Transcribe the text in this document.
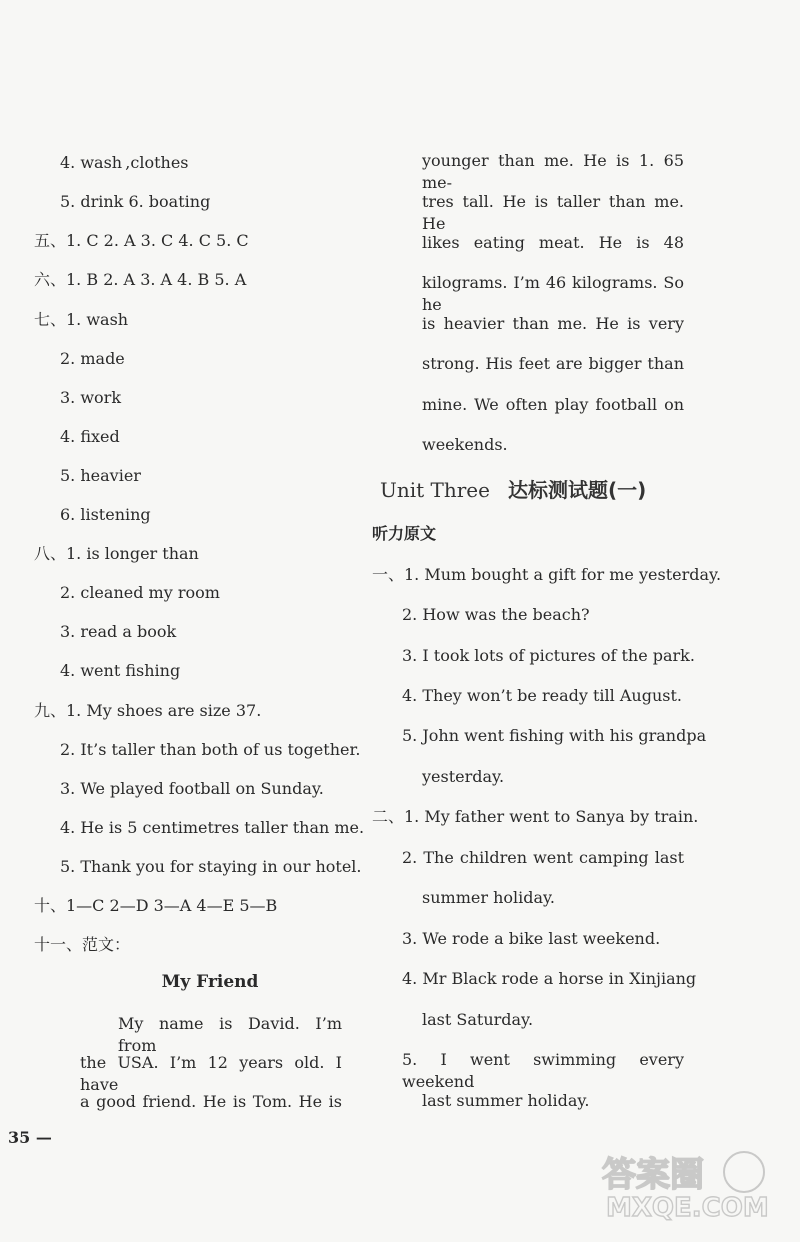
4. wash ,clothes
5. drink 6. boating
五、1. C 2. A 3. C 4. C 5. C
六、1. B 2. A 3. A 4. B 5. A
七、1. wash
2. made
3. work
4. fixed
5. heavier
6. listening
八、1. is longer than
2. cleaned my room
3. read a book
4. went fishing
九、1. My shoes are size 37.
2. It’s taller than both of us together.
3. We played football on Sunday.
4. He is 5 centimetres taller than me.
5. Thank you for staying in our hotel.
十、1—C 2—D 3—A 4—E 5—B
十一、范文：
My Friend
My name is David. I’m from
the USA. I’m 12 years old. I have
a good friend. He is Tom. He is
younger than me. He is 1. 65 me-
tres tall. He is taller than me. He
likes eating meat. He is 48
kilograms. I’m 46 kilograms. So he
is heavier than me. He is very
strong. His feet are bigger than
mine. We often play football on
weekends.
Unit Three 达标测试题(一)
听力原文
一、1. Mum bought a gift for me yesterday.
2. How was the beach?
3. I took lots of pictures of the park.
4. They won’t be ready till August.
5. John went fishing with his grandpa
yesterday.
二、1. My father went to Sanya by train.
2. The children went camping last
summer holiday.
3. We rode a bike last weekend.
4. Mr Black rode a horse in Xinjiang
last Saturday.
5. I went swimming every weekend
last summer holiday.
35 —
答案圈
MXQE.COM
